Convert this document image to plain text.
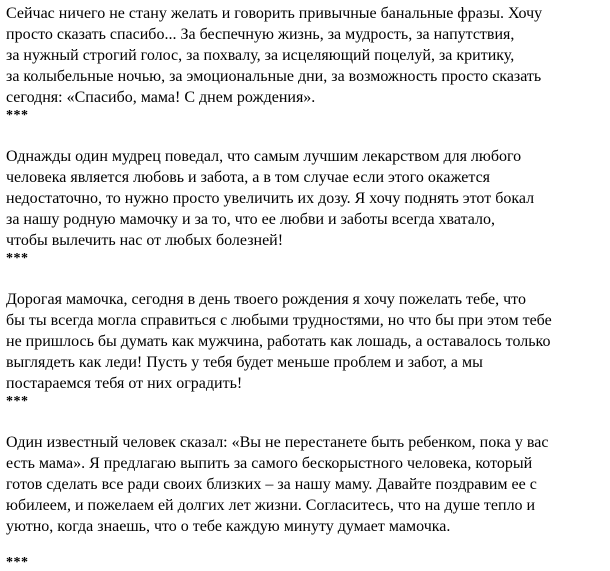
Сейчас ничего не стану желать и говорить привычные банальные фразы. Хочу
просто сказать спасибо... За беспечную жизнь, за мудрость, за напутствия,
за нужный строгий голос, за похвалу, за исцеляющий поцелуй, за критику,
за колыбельные ночью, за эмоциональные дни, за возможность просто сказать
сегодня: «Спасибо, мама! С днем рождения».

***

Однажды один мудрец поведал, что самым лучшим лекарством для любого
человека является любовь и забота, а в том случае если этого окажется
недостаточно, то нужно просто увеличить их дозу. Я хочу поднять этот бокал
за нашу родную мамочку и за то, что ее любви и заботы всегда хватало,
чтобы вылечить нас от любых болезней!

***

Дорогая мамочка, сегодня в день твоего рождения я хочу пожелать тебе, что
бы ты всегда могла справиться с любыми трудностями, но что бы при этом тебе
не пришлось бы думать как мужчина, работать как лошадь, а оставалось только
выглядеть как леди! Пусть у тебя будет меньше проблем и забот, а мы
постараемся тебя от них оградить!

***

Один известный человек сказал: «Вы не перестанете быть ребенком, пока у вас
есть мама». Я предлагаю выпить за самого бескорыстного человека, который
готов сделать все ради своих близких – за нашу маму. Давайте поздравим ее с
юбилеем, и пожелаем ей долгих лет жизни. Согласитесь, что на душе тепло и
уютно, когда знаешь, что о тебе каждую минуту думает мамочка.

***
